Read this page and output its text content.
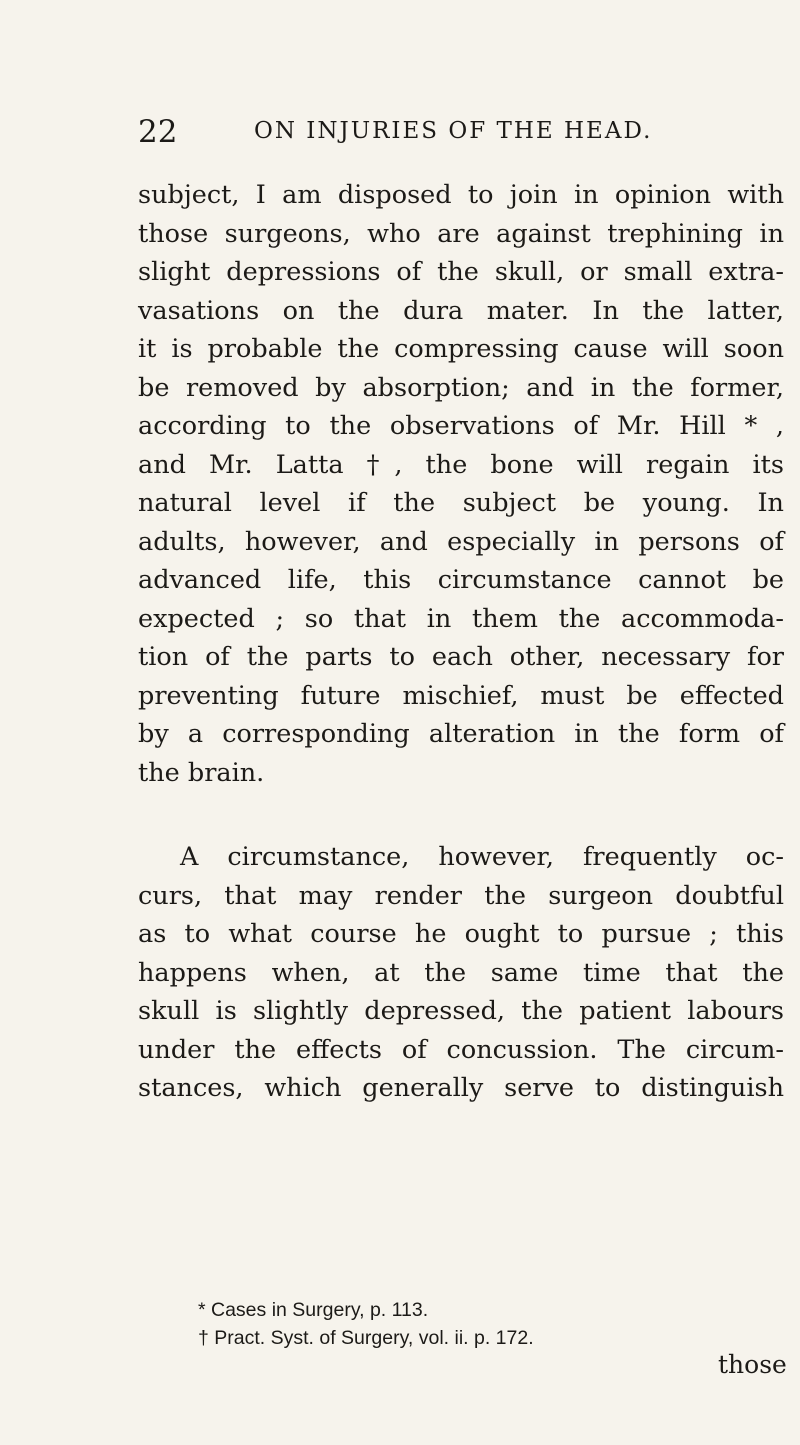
22	ON INJURIES OF THE HEAD.
subject, I am disposed to join in opinion with
those surgeons, who are against trephining in
slight depressions of the skull, or small extra-
vasations on the dura mater. In the latter,
it is probable the compressing cause will soon
be removed by absorption; and in the former,
according to the observations of Mr. Hill * ,
and Mr. Latta †, the bone will regain its
natural level if the subject be young. In
adults, however, and especially in persons of
advanced life, this circumstance cannot be
expected ; so that in them the accommoda-
tion of the parts to each other, necessary for
preventing future mischief, must be effected
by a corresponding alteration in the form of
the brain.
A circumstance, however, frequently oc-
curs, that may render the surgeon doubtful
as to what course he ought to pursue ; this
happens when, at the same time that the
skull is slightly depressed, the patient labours
under the effects of concussion. The circum-
stances, which generally serve to distinguish
* Cases in Surgery, p. 113.
† Pract. Syst. of Surgery, vol. ii. p. 172.
those
